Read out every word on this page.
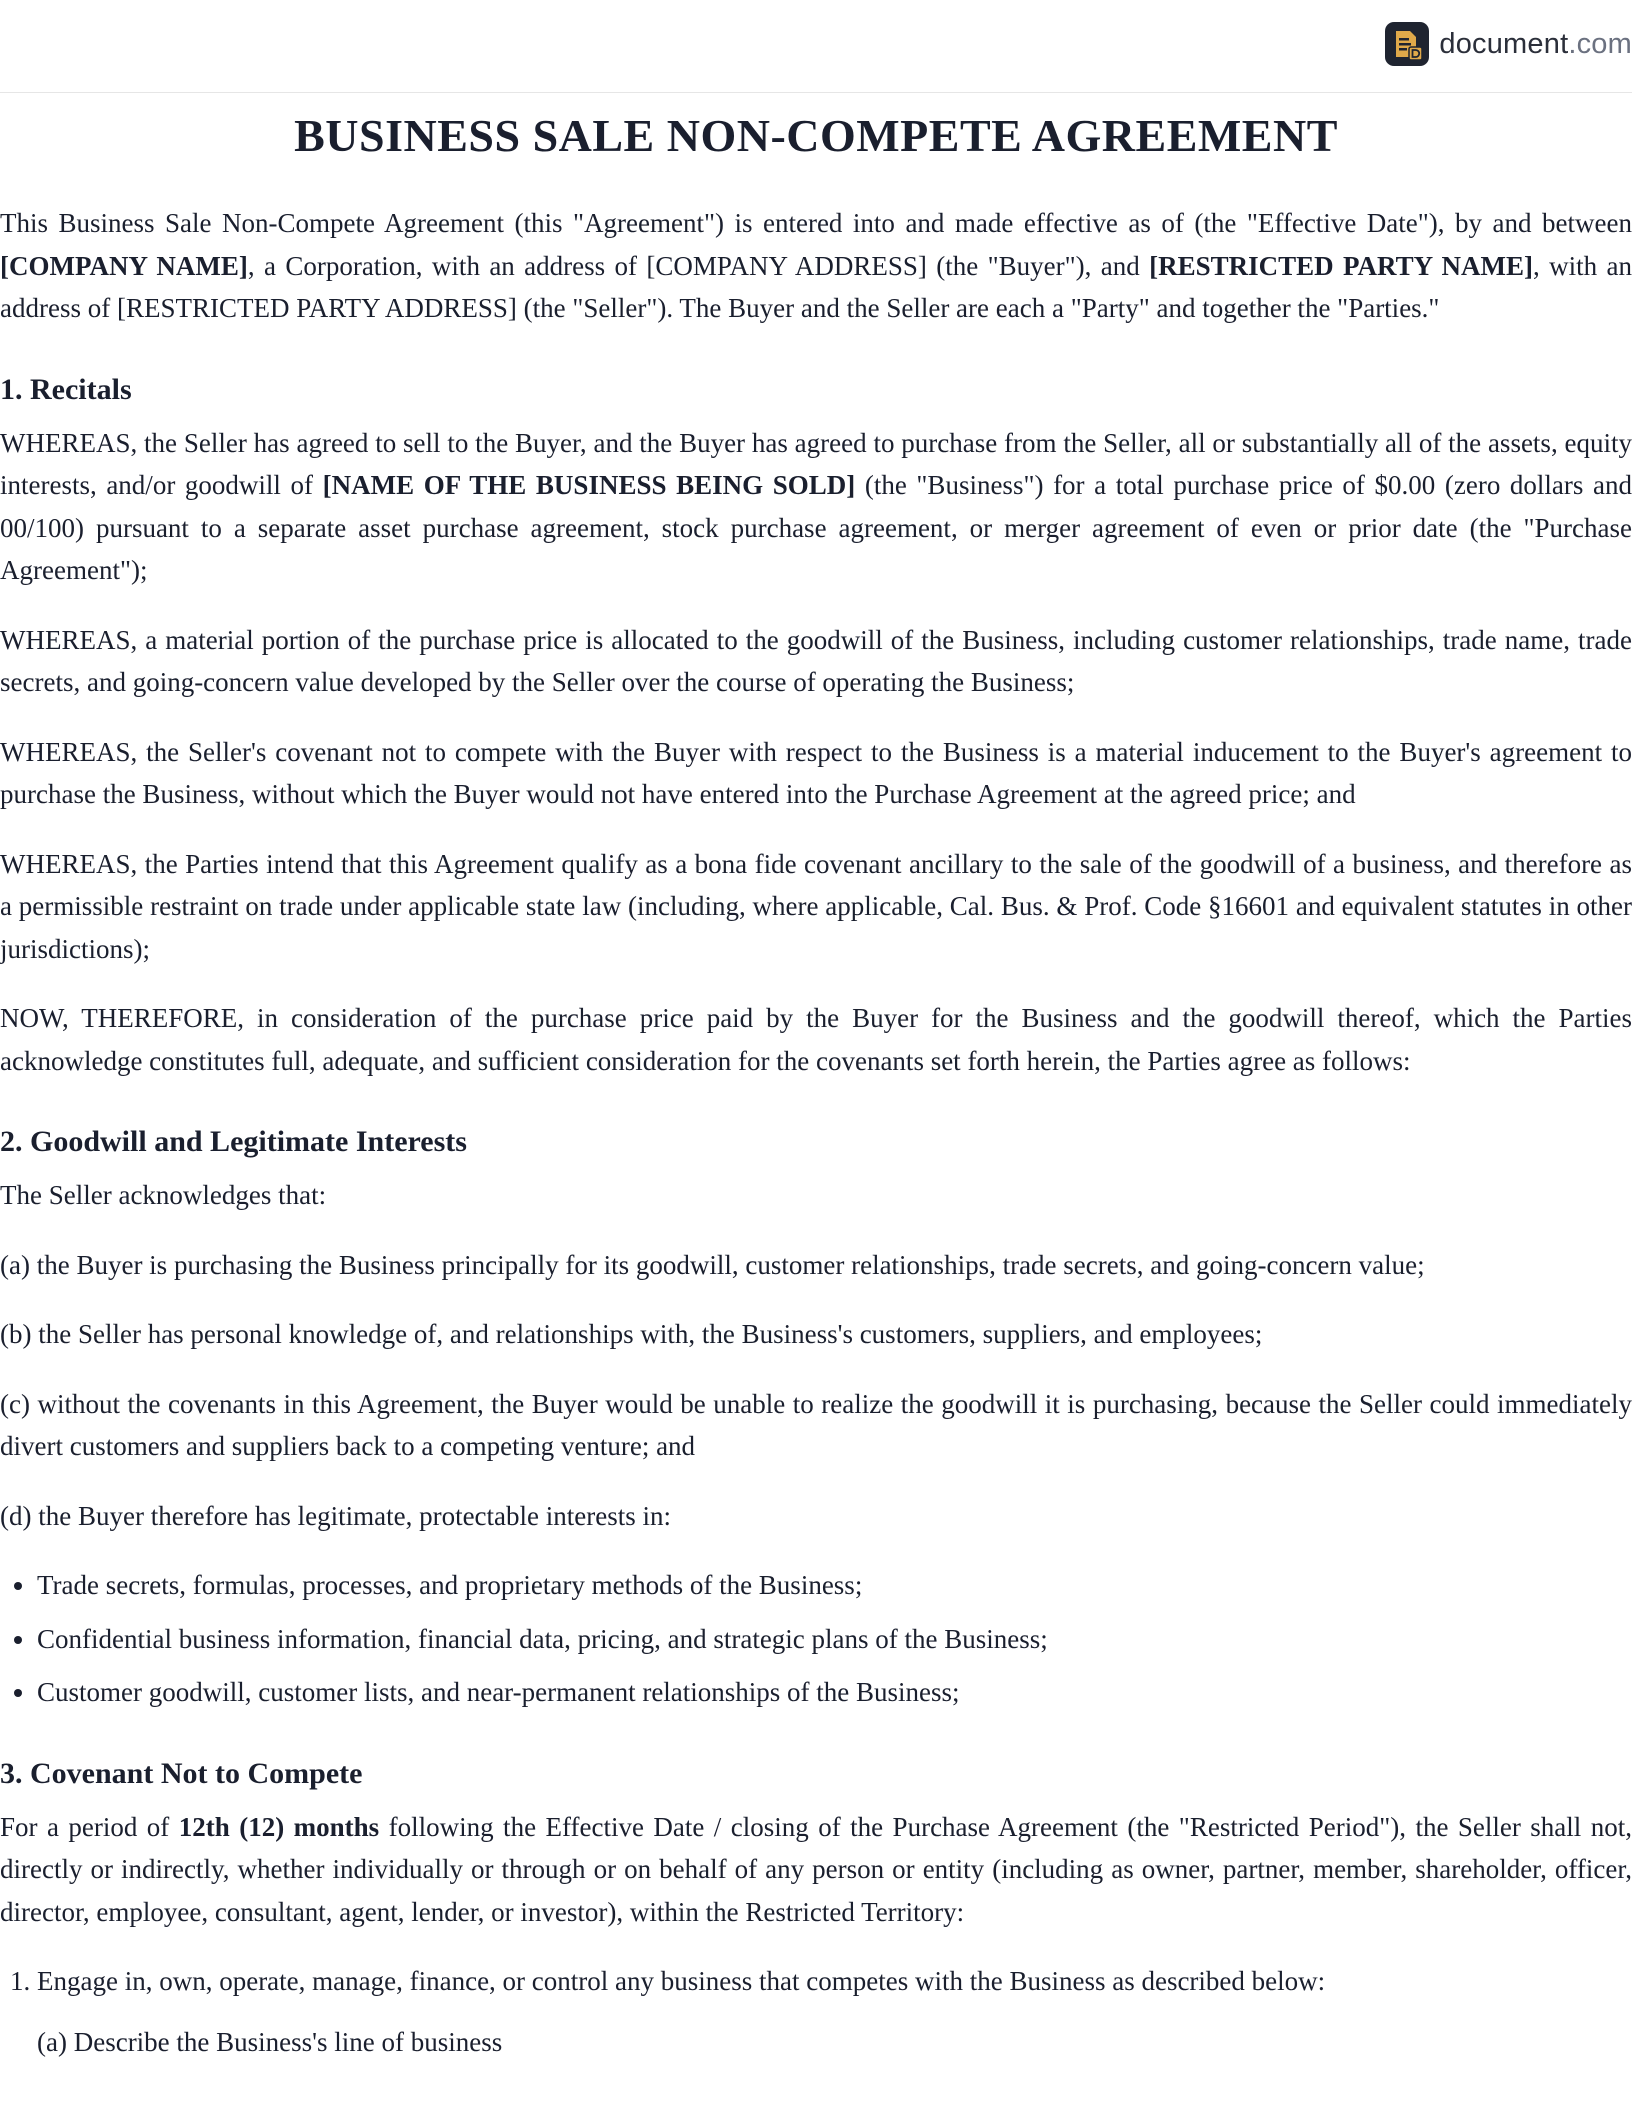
document.com
BUSINESS SALE NON-COMPETE AGREEMENT

This Business Sale Non-Compete Agreement (this "Agreement") is entered into and made effective as of (the "Effective Date"), by and between [COMPANY NAME], a Corporation, with an address of [COMPANY ADDRESS] (the "Buyer"), and [RESTRICTED PARTY NAME], with an address of [RESTRICTED PARTY ADDRESS] (the "Seller"). The Buyer and the Seller are each a "Party" and together the "Parties."

1. Recitals

WHEREAS, the Seller has agreed to sell to the Buyer, and the Buyer has agreed to purchase from the Seller, all or substantially all of the assets, equity interests, and/or goodwill of [NAME OF THE BUSINESS BEING SOLD] (the "Business") for a total purchase price of $0.00 (zero dollars and 00/100) pursuant to a separate asset purchase agreement, stock purchase agreement, or merger agreement of even or prior date (the "Purchase Agreement");

WHEREAS, a material portion of the purchase price is allocated to the goodwill of the Business, including customer relationships, trade name, trade secrets, and going-concern value developed by the Seller over the course of operating the Business;

WHEREAS, the Seller's covenant not to compete with the Buyer with respect to the Business is a material inducement to the Buyer's agreement to purchase the Business, without which the Buyer would not have entered into the Purchase Agreement at the agreed price; and

WHEREAS, the Parties intend that this Agreement qualify as a bona fide covenant ancillary to the sale of the goodwill of a business, and therefore as a permissible restraint on trade under applicable state law (including, where applicable, Cal. Bus. & Prof. Code §16601 and equivalent statutes in other jurisdictions);

NOW, THEREFORE, in consideration of the purchase price paid by the Buyer for the Business and the goodwill thereof, which the Parties acknowledge constitutes full, adequate, and sufficient consideration for the covenants set forth herein, the Parties agree as follows:

2. Goodwill and Legitimate Interests

The Seller acknowledges that:

(a) the Buyer is purchasing the Business principally for its goodwill, customer relationships, trade secrets, and going-concern value;

(b) the Seller has personal knowledge of, and relationships with, the Business's customers, suppliers, and employees;

(c) without the covenants in this Agreement, the Buyer would be unable to realize the goodwill it is purchasing, because the Seller could immediately divert customers and suppliers back to a competing venture; and

(d) the Buyer therefore has legitimate, protectable interests in:

• Trade secrets, formulas, processes, and proprietary methods of the Business;
• Confidential business information, financial data, pricing, and strategic plans of the Business;
• Customer goodwill, customer lists, and near-permanent relationships of the Business;
3. Covenant Not to Compete

For a period of 12th (12) months following the Effective Date / closing of the Purchase Agreement (the "Restricted Period"), the Seller shall not, directly or indirectly, whether individually or through or on behalf of any person or entity (including as owner, partner, member, shareholder, officer, director, employee, consultant, agent, lender, or investor), within the Restricted Territory:

1. Engage in, own, operate, manage, finance, or control any business that competes with the Business as described below:
(a) Describe the Business's line of business
